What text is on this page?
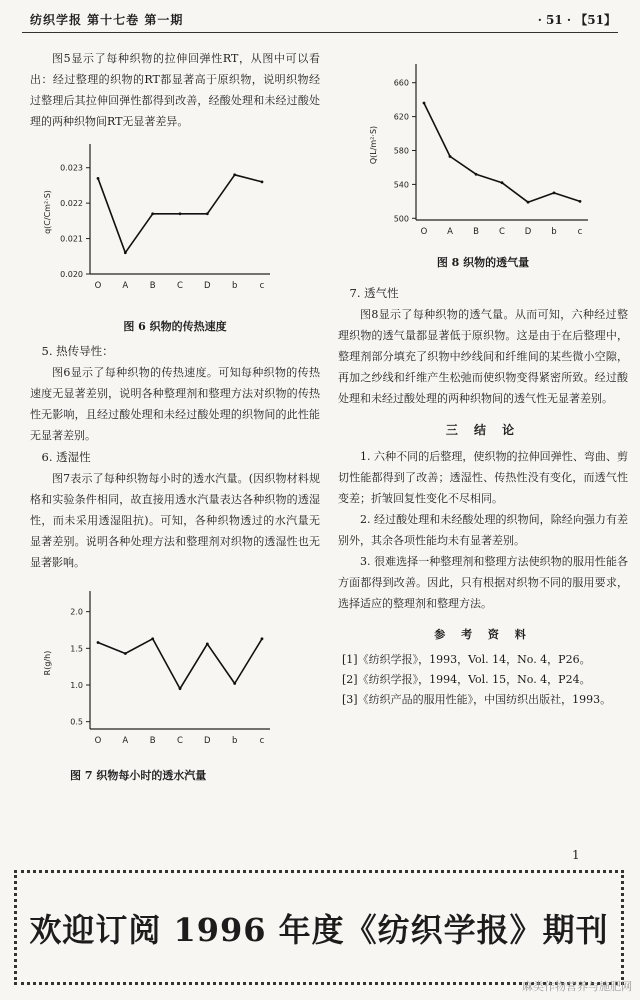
纺织学报 第十七卷 第一期	· 51 · 【51】

图5显示了每种织物的拉伸回弹性RT，从图中可以看出：经过整理的织物的RT都显著高于原织物，说明织物经过整理后其拉伸回弹性都得到改善，经酸处理和未经过酸处理的两种织物间RT无显著差异。

0.020
0.021
0.022
0.023
q(C/Cm²·S)
O A	B	C D	b	c
图 6 织物的传热速度

5. 热传导性：

图6显示了每种织物的传热速度。可知每种织物的传热速度无显著差别，说明各种整理剂和整理方法对织物的传热性无影响，且经过酸处理和未经过酸处理的织物间的此性能无显著差别。

6. 透湿性

图7表示了每种织物每小时的透水汽量。(因织物材料规格和实验条件相同，故直接用透水汽量表达各种织物的透湿性，而未采用透湿阻抗)。可知，各种织物透过的水汽量无显著差别。说明各种处理方法和整理剂对织物的透湿性也无显著影响。

0.5
1.0
1.5
2.0
R(g/h)
O A	B	C D	b	c
图 7 织物每小时的透水汽量
500
540
580
620
660
Q(L/m²·S)
O A B C D b c
图 8 织物的透气量

7. 透气性

图8显示了每种织物的透气量。从而可知，六种经过整理织物的透气量都显著低于原织物。这是由于在后整理中，整理剂部分填充了织物中纱线间和纤维间的某些微小空隙，再加之纱线和纤维产生松弛而使织物变得紧密所致。经过酸处理和未经过酸处理的两种织物间的透气性无显著差别。

三 结 论

1. 六种不同的后整理，使织物的拉伸回弹性、弯曲、剪切性能都得到了改善；透湿性、传热性没有变化，而透气性变差；折皱回复性变化不尽相同。

2. 经过酸处理和未经酸处理的织物间，除经向强力有差别外，其余各项性能均未有显著差别。

3. 很难选择一种整理剂和整理方法使织物的服用性能各方面都得到改善。因此，只有根据对织物不同的服用要求，选择适应的整理剂和整理方法。

参 考 资 料

[1]《纺织学报》，1993，Vol. 14，No. 4，P26。

[2]《纺织学报》，1994，Vol. 15，No. 4，P24。

[3]《纺织产品的服用性能》，中国纺织出版社，1993。

1
欢迎订阅 1996 年度《纺织学报》期刊
麻类作物营养与施肥网
